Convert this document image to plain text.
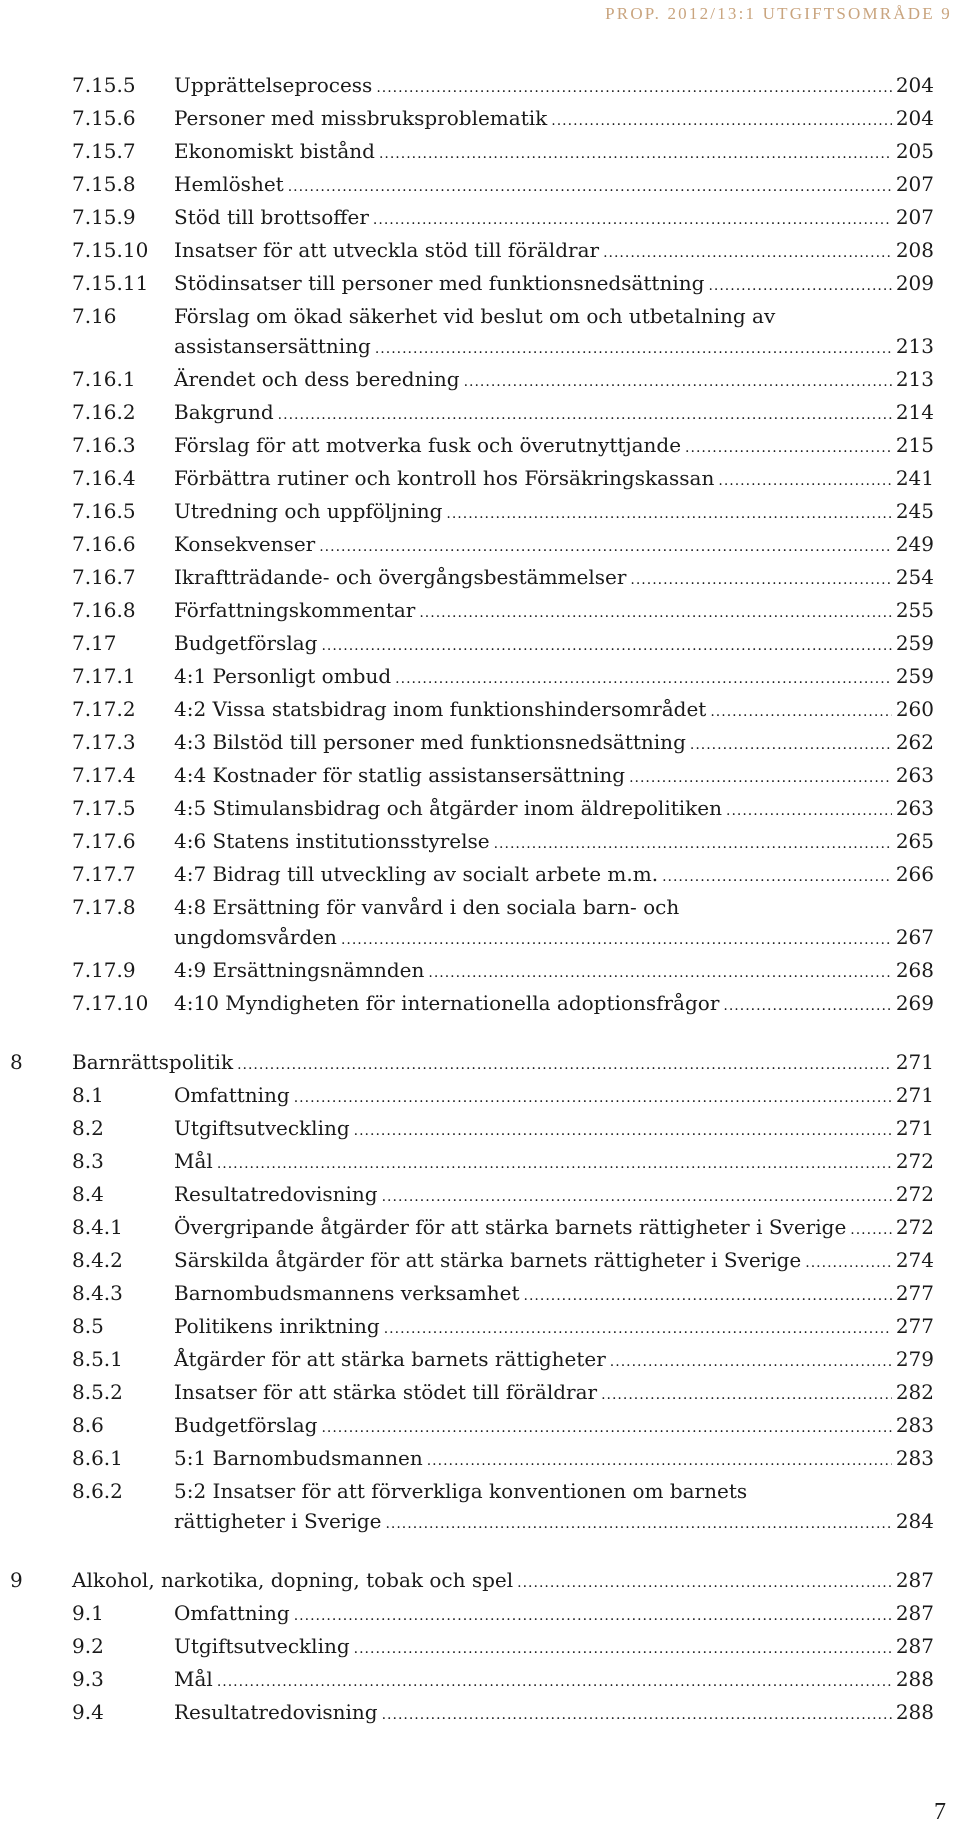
PROP. 2012/13:1 UTGIFTSOMRÅDE 9
7.15.5 Upprättelseprocess .....	204
7.15.6 Personer med missbruksproblematik .....	204
7.15.7 Ekonomiskt bistånd .....	205
7.15.8 Hemlöshet .....	207
7.15.9 Stöd till brottsoffer .....	207
7.15.10 Insatser för att utveckla stöd till föräldrar .....	208
7.15.11 Stödinsatser till personer med funktionsnedsättning .....	209
7.16	Förslag om ökad säkerhet vid beslut om och utbetalning av
assistansersättning .....	213
7.16.1 Ärendet och dess beredning .....	213
7.16.2 Bakgrund .....	214
7.16.3 Förslag för att motverka fusk och överutnyttjande .....	215
7.16.4 Förbättra rutiner och kontroll hos Försäkringskassan .....	241
7.16.5 Utredning och uppföljning .....	245
7.16.6 Konsekvenser .....	249
7.16.7 Ikraftträdande- och övergångsbestämmelser .....	254
7.16.8 Författningskommentar .....	255
7.17	Budgetförslag .....	259
7.17.1 4:1 Personligt ombud .....	259
7.17.2 4:2 Vissa statsbidrag inom funktionshindersområdet .....	260
7.17.3 4:3 Bilstöd till personer med funktionsnedsättning .....	262
7.17.4 4:4 Kostnader för statlig assistansersättning .....	263
7.17.5 4:5 Stimulansbidrag och åtgärder inom äldrepolitiken .....	263
7.17.6 4:6 Statens institutionsstyrelse .....	265
7.17.7 4:7 Bidrag till utveckling av socialt arbete m.m. .....	266
7.17.8 4:8 Ersättning för vanvård i den sociala barn- och
ungdomsvården .....	267
7.17.9 4:9 Ersättningsnämnden .....	268
7.17.10 4:10 Myndigheten för internationella adoptionsfrågor .....	269
8 Barnrättspolitik .....	271
8.1	Omfattning .....	271
8.2	Utgiftsutveckling .....	271
8.3	Mål .....	272
8.4	Resultatredovisning .....	272
8.4.1	Övergripande åtgärder för att stärka barnets rättigheter i Sverige ..... 272
8.4.2	Särskilda åtgärder för att stärka barnets rättigheter i Sverige .....	274
8.4.3	Barnombudsmannens verksamhet .....	277
8.5	Politikens inriktning .....	277
8.5.1	Åtgärder för att stärka barnets rättigheter .....	279
8.5.2	Insatser för att stärka stödet till föräldrar .....	282
8.6	Budgetförslag .....	283
8.6.1	5:1 Barnombudsmannen .....	283
8.6.2	5:2 Insatser för att förverkliga konventionen om barnets
rättigheter i Sverige .....	284
9 Alkohol, narkotika, dopning, tobak och spel .....	287
9.1	Omfattning .....	287
9.2	Utgiftsutveckling .....	287
9.3	Mål .....	288
9.4	Resultatredovisning .....	288
7
